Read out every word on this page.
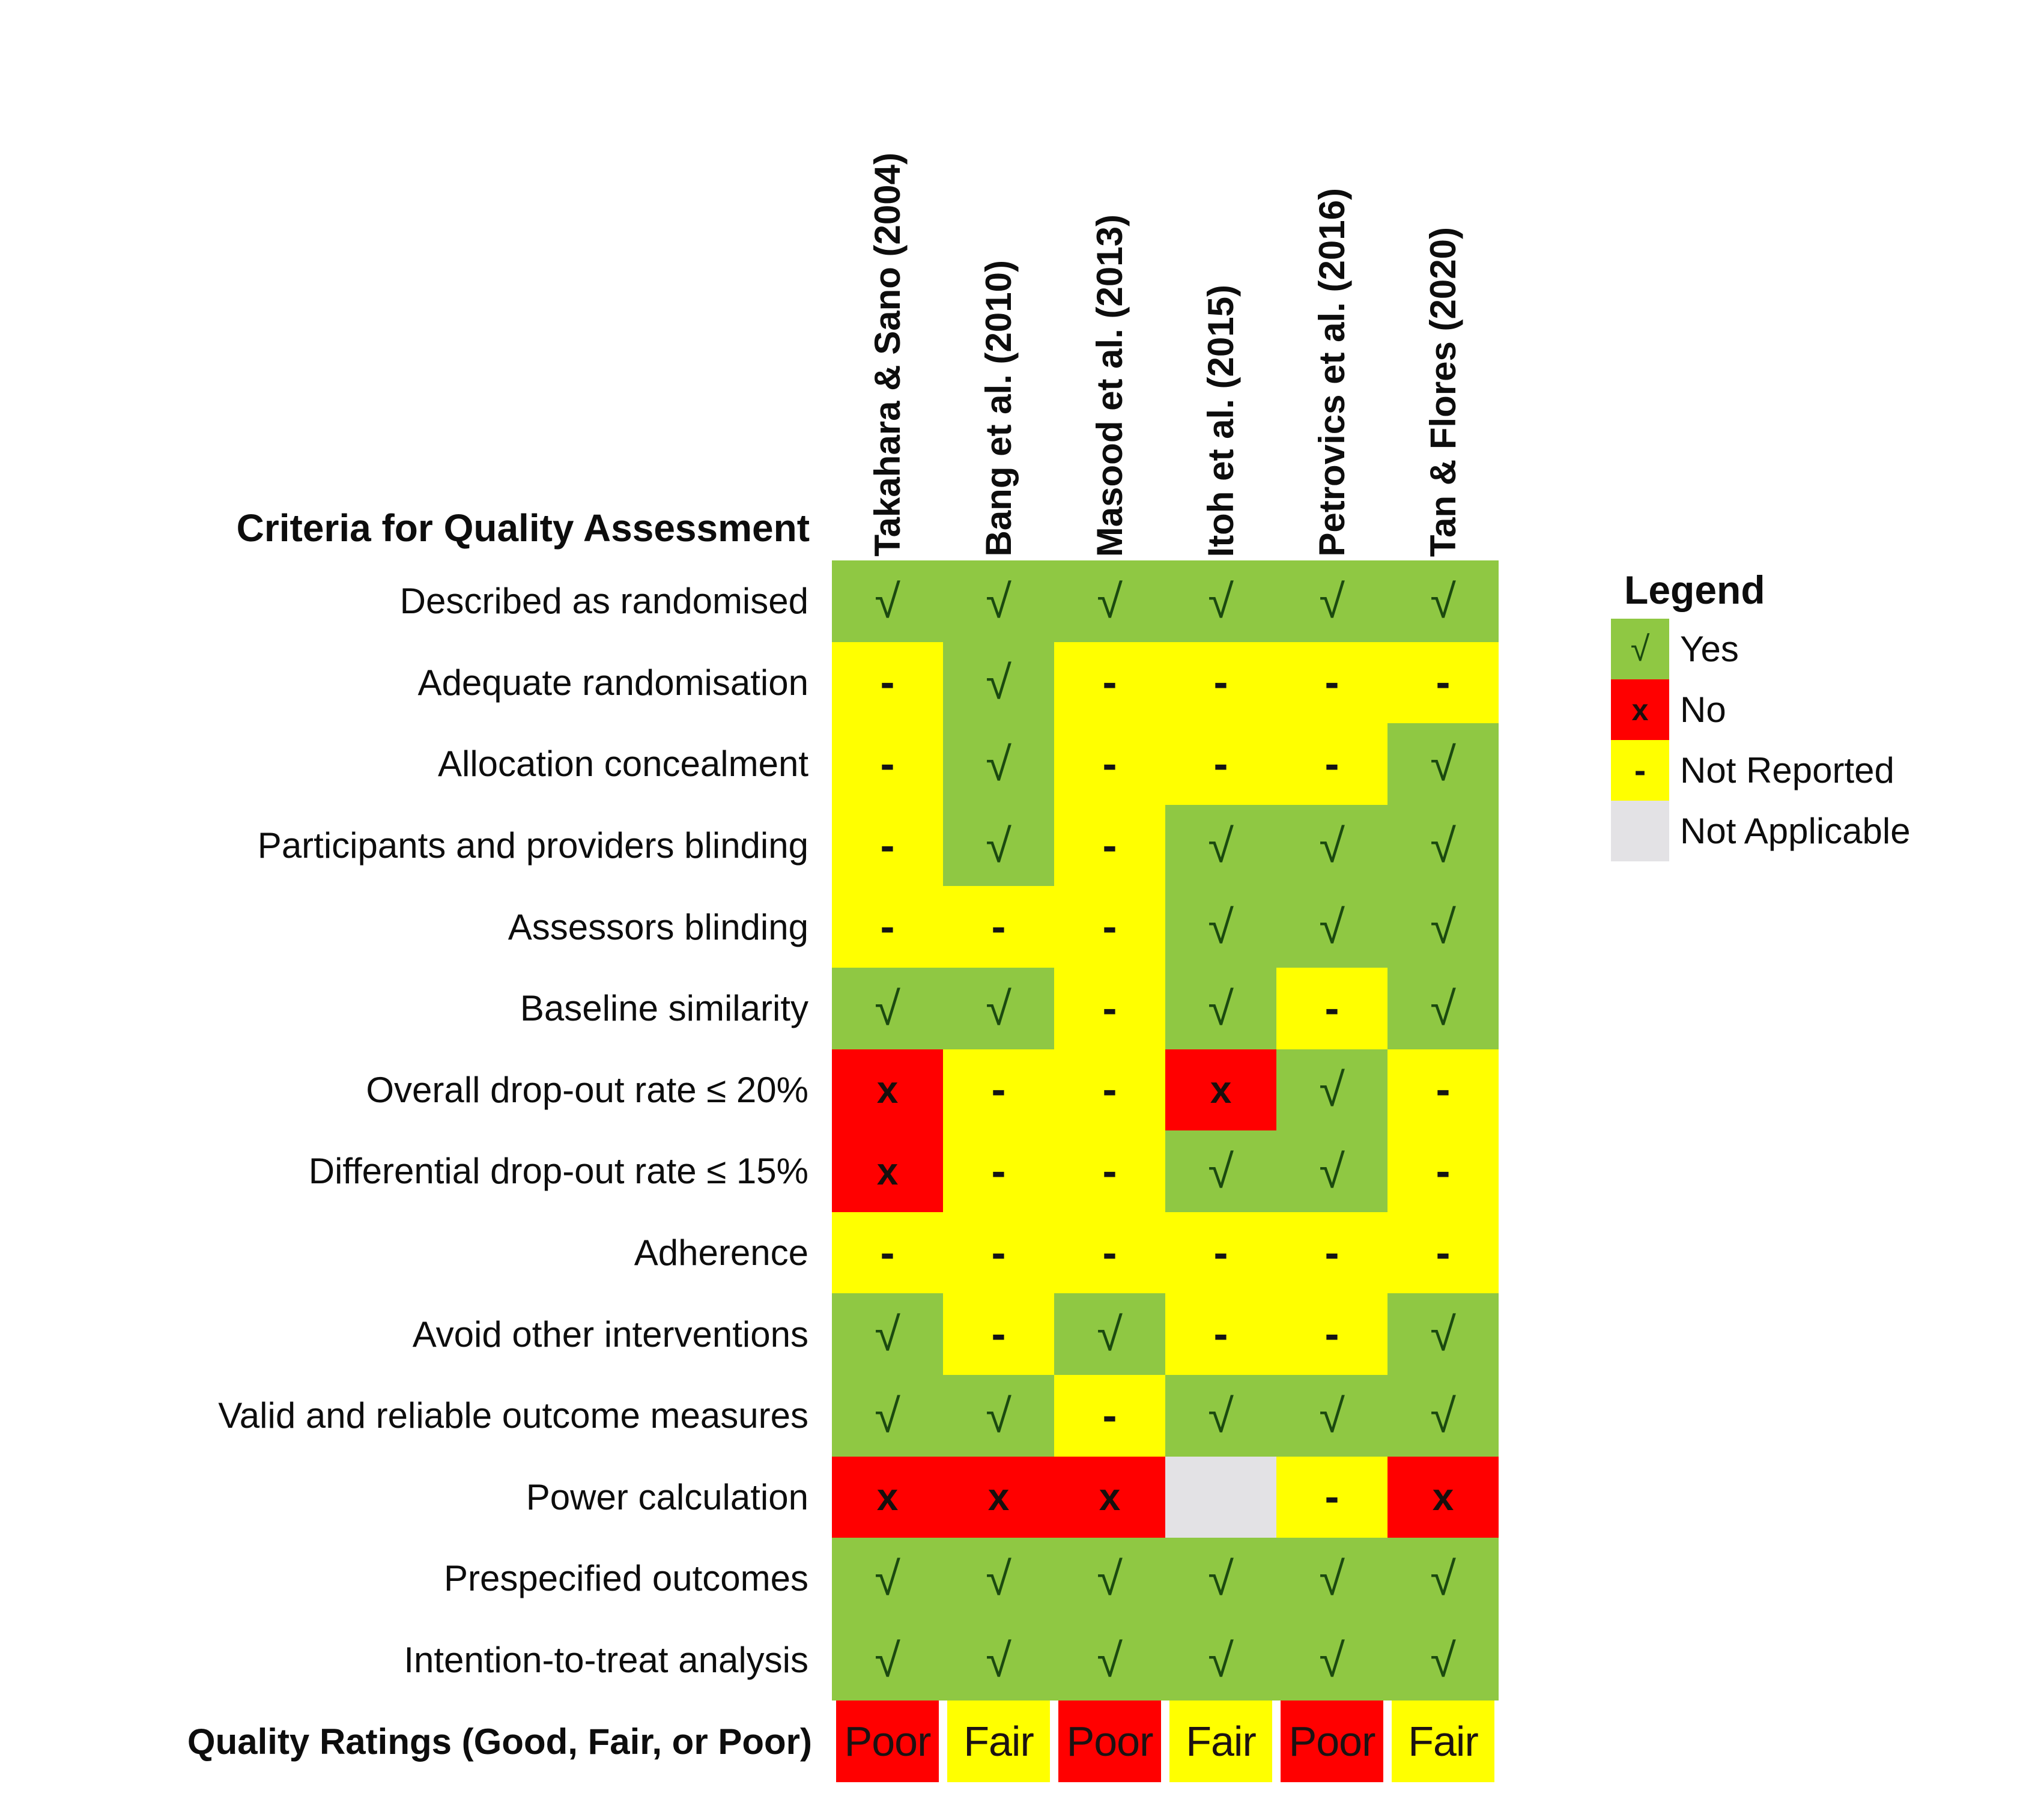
Criteria for Quality Assessment Takahara & Sano (2004) Bang et al. (2010) Masood et al. (2013) Itoh et al. (2015) Petrovics et al. (2016) Tan & Flores (2020)
Described as randomised
Adequate randomisation
Allocation concealment
Participants and providers blinding
Assessors blinding
Baseline similarity
Overall drop-out rate ≤ 20%
Differential drop-out rate ≤ 15%
Adherence
Avoid other interventions
Valid and reliable outcome measures
Power calculation
Prespecified outcomes
Intention-to-treat analysis
Quality Ratings (Good, Fair, or Poor)
√ √ √ √ √ √
- √ - - - -
- √ - - - √
- √ - √ √ √
- - - √ √ √
√ √ - √ - √
x - - x √ -
x - - √ √ -
- - - - - -
√ - √ - - √
√ √ - √ √ √
x x x	- x
√ √ √ √ √ √
√ √ √ √ √ √
Poor Fair Poor Fair Poor Fair
Legend
√ Yes
x No
- Not Reported
Not Applicable
